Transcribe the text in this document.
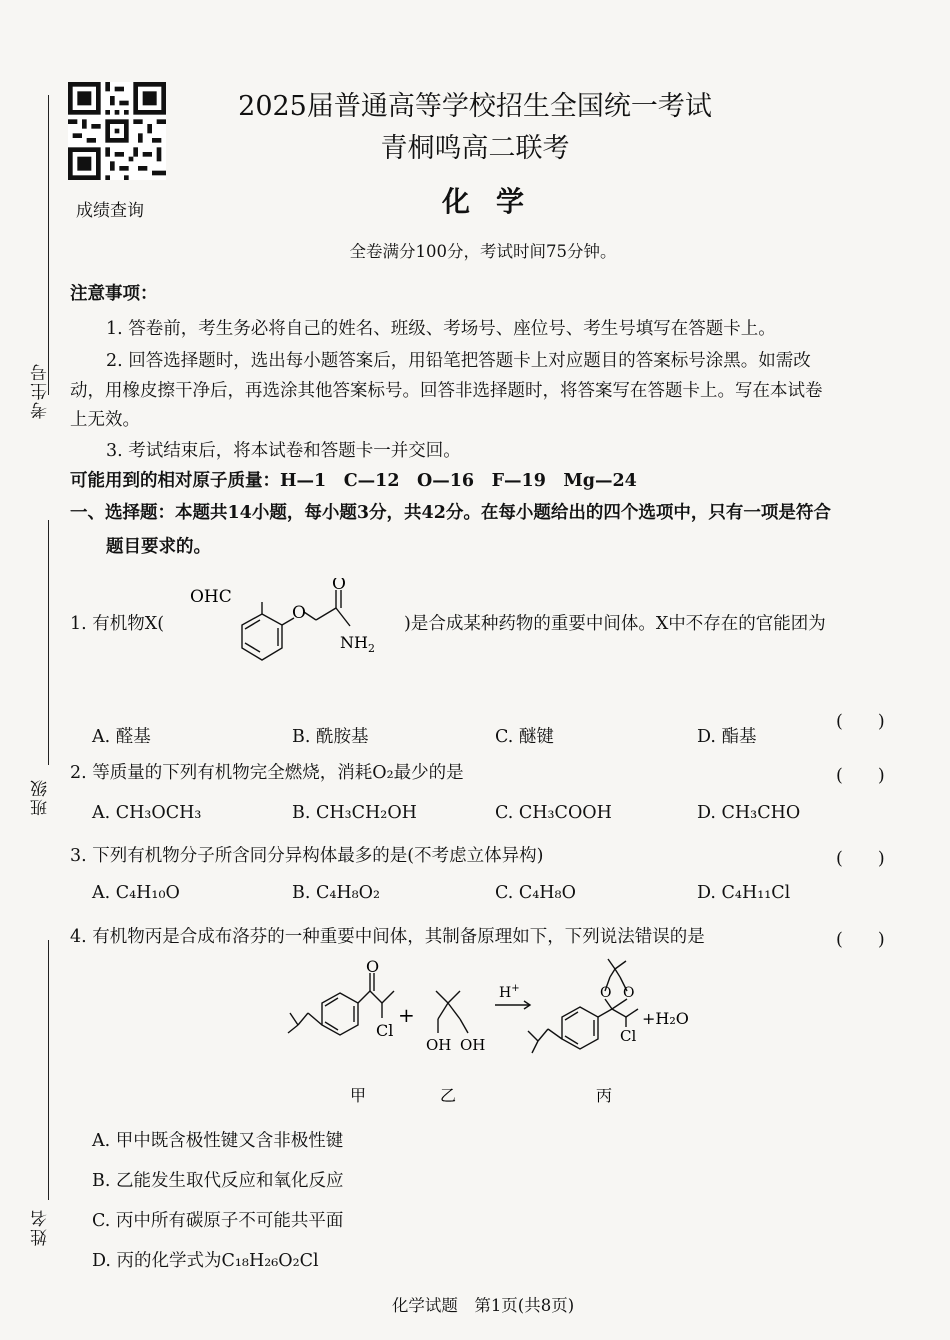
考生号
班级
姓名
成绩查询
2025届普通高等学校招生全国统一考试
青桐鸣高二联考
化学
全卷满分100分，考试时间75分钟。
注意事项：
1. 答卷前，考生务必将自己的姓名、班级、考场号、座位号、考生号填写在答题卡上。
2. 回答选择题时，选出每小题答案后，用铅笔把答题卡上对应题目的答案标号涂黑。如需改
动，用橡皮擦干净后，再选涂其他答案标号。回答非选择题时，将答案写在答题卡上。写在本试卷
上无效。
3. 考试结束后，将本试卷和答题卡一并交回。
可能用到的相对原子质量：H—1　C—12　O—16　F—19　Mg—24
一、选择题：本题共14小题，每小题3分，共42分。在每小题给出的四个选项中，只有一项是符合
题目要求的。
1. 有机物X(
OHC
O
O
$NH_2$
)是合成某种药物的重要中间体。X中不存在的官能团为
(　　)
A. 醛基	B. 酰胺基	C. 醚键	D. 酯基
2. 等质量的下列有机物完全燃烧，消耗O₂最少的是	(　　)
A. CH₃OCH₃	B. CH₃CH₂OH	C. CH₃COOH	D. CH₃CHO
3. 下列有机物分子所含同分异构体最多的是(不考虑立体异构)	(　　)
A. C₄H₁₀O	B. C₄H₈O₂	C. C₄H₈O	D. C₄H₁₁Cl
4. 有机物丙是合成布洛芬的一种重要中间体，其制备原理如下，下列说法错误的是	(　　)
O
Cl
+
OH OH
H+	O O
Cl
+H₂O
甲	乙	丙
A. 甲中既含极性键又含非极性键
B. 乙能发生取代反应和氧化反应
C. 丙中所有碳原子不可能共平面
D. 丙的化学式为C₁₈H₂₆O₂Cl
化学试题　第1页(共8页)
